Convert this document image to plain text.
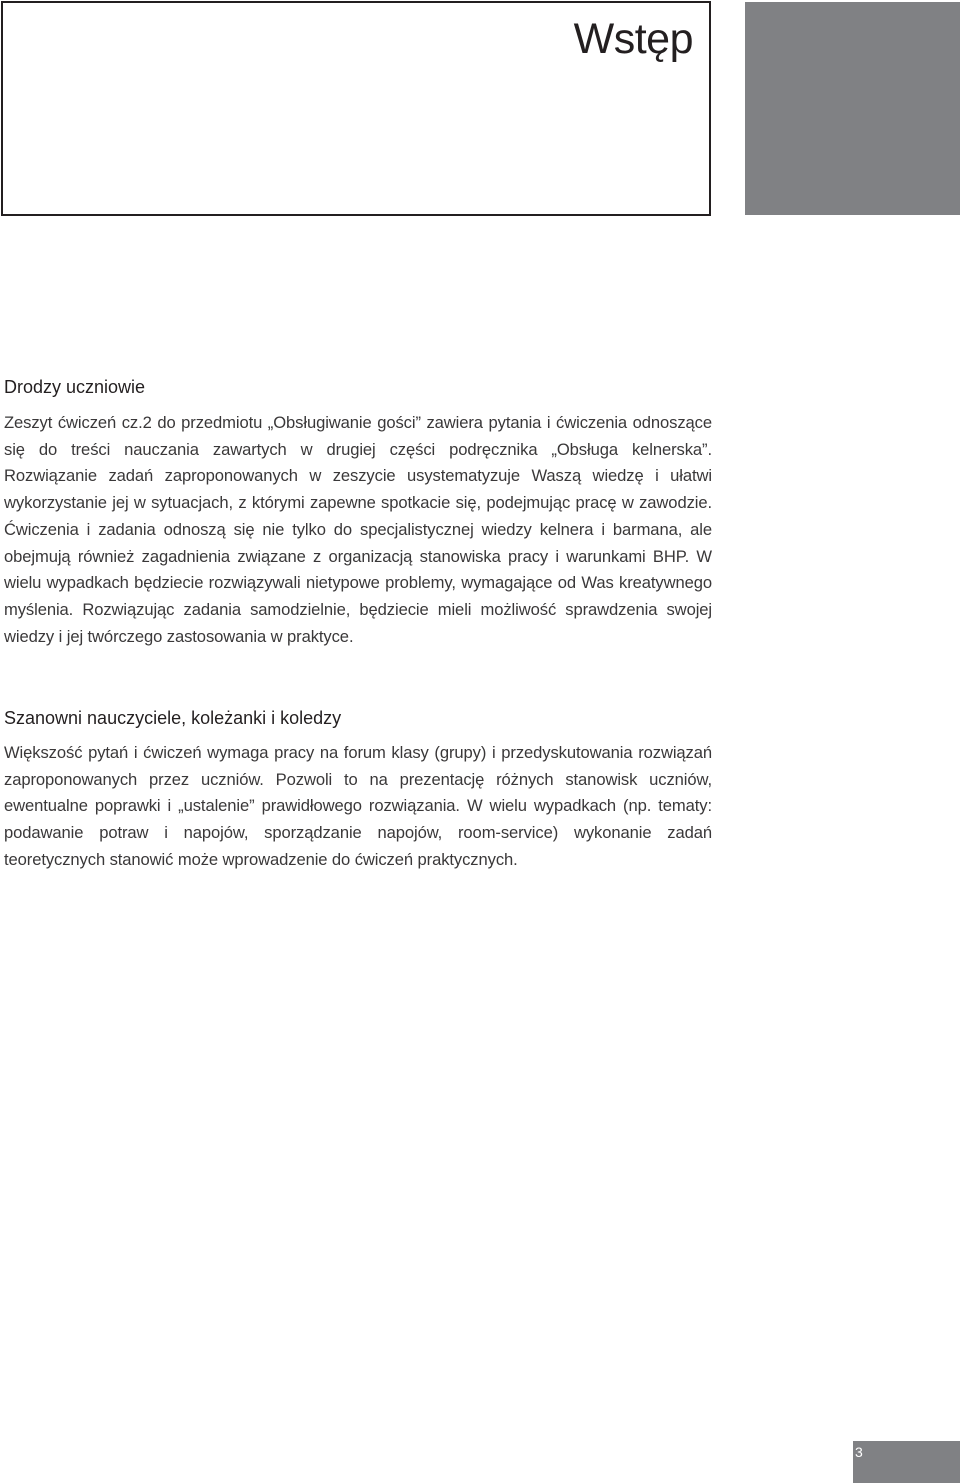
Wstęp
Drodzy uczniowie

Zeszyt ćwiczeń cz.2 do przedmiotu „Obsługiwanie gości” zawiera pytania i ćwiczenia odnoszące się do treści nauczania zawartych w drugiej części podręcznika „Obsługa kelnerska”. Rozwiązanie zadań zaproponowanych w zeszycie usystematyzuje Waszą wiedzę i ułatwi wykorzystanie jej w sytuacjach, z którymi zapewne spotkacie się, podejmując pracę w zawodzie. Ćwiczenia i zadania odnoszą się nie tylko do specjalistycznej wiedzy kelnera i barmana, ale obejmują również zagadnienia związane z organizacją stanowiska pracy i warunkami BHP. W wielu wypadkach będziecie rozwiązywali nietypowe problemy, wymagające od Was kreatywnego myślenia. Rozwiązując zadania samodzielnie, będziecie mieli możliwość sprawdzenia swojej wiedzy i jej twórczego zastosowania w praktyce.

Szanowni nauczyciele, koleżanki i koledzy

Większość pytań i ćwiczeń wymaga pracy na forum klasy (grupy) i przedyskutowania rozwiązań zaproponowanych przez uczniów. Pozwoli to na prezentację różnych stanowisk uczniów, ewentualne poprawki i „ustalenie” prawidłowego rozwiązania. W wielu wypadkach (np. tematy: podawanie potraw i napojów, sporządzanie napojów, room-service) wykonanie zadań teoretycznych stanowić może wprowadzenie do ćwiczeń praktycznych.

3
